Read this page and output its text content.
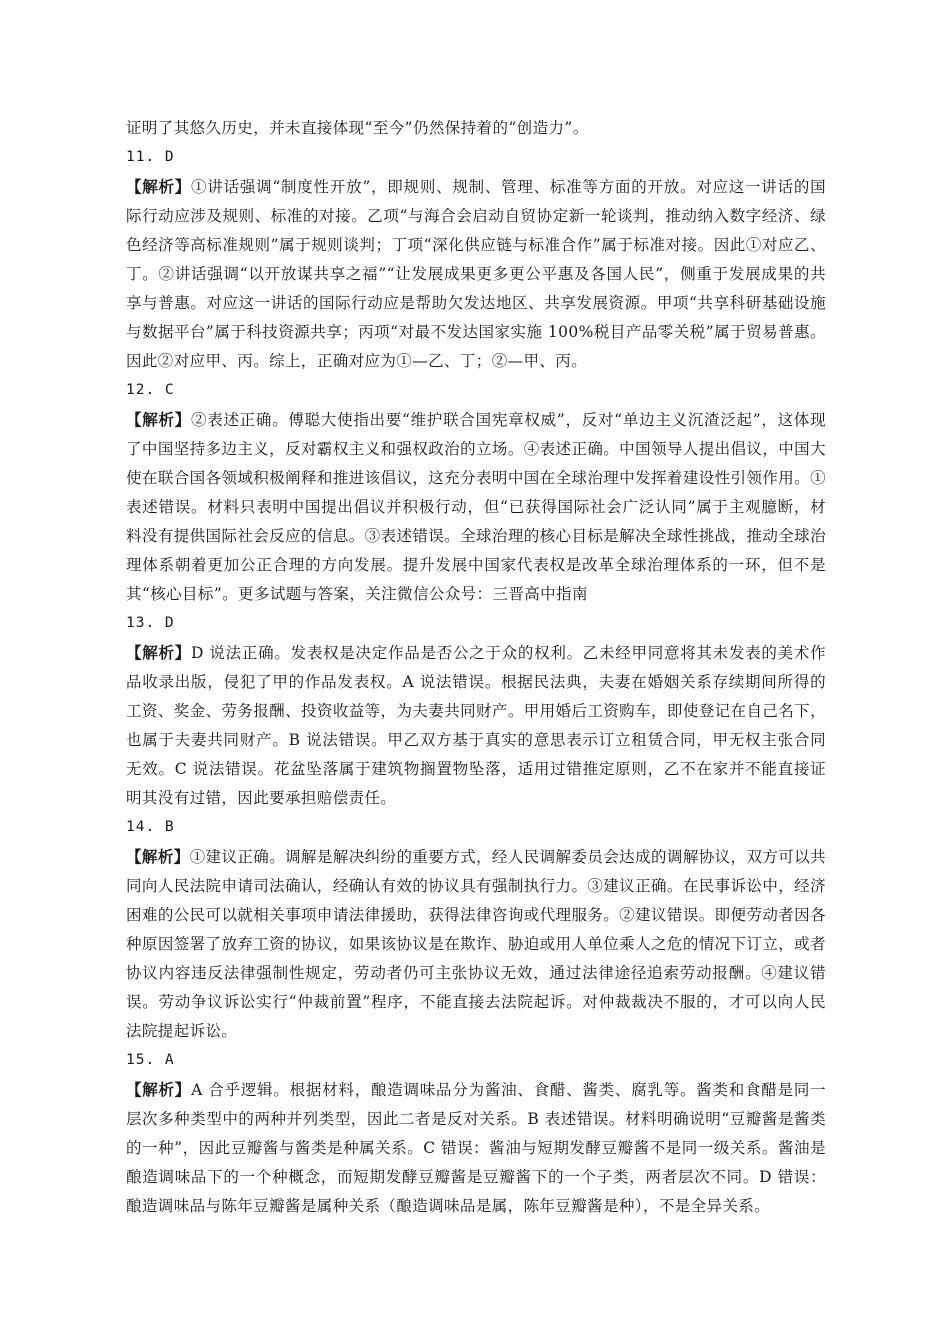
证明了其悠久历史，并未直接体现“至今”仍然保持着的“创造力”。

11. D

【解析】①讲话强调“制度性开放”，即规则、规制、管理、标准等方面的开放。对应这一讲话的国际行动应涉及规则、标准的对接。乙项“与海合会启动自贸协定新一轮谈判，推动纳入数字经济、绿色经济等高标准规则”属于规则谈判；丁项“深化供应链与标准合作”属于标准对接。因此①对应乙、丁。②讲话强调“以开放谋共享之福”“让发展成果更多更公平惠及各国人民”，侧重于发展成果的共享与普惠。对应这一讲话的国际行动应是帮助欠发达地区、共享发展资源。甲项“共享科研基础设施与数据平台”属于科技资源共享；丙项“对最不发达国家实施 100%税目产品零关税”属于贸易普惠。因此②对应甲、丙。综上，正确对应为①—乙、丁；②—甲、丙。

12. C

【解析】②表述正确。傅聪大使指出要“维护联合国宪章权威”，反对“单边主义沉渣泛起”，这体现了中国坚持多边主义，反对霸权主义和强权政治的立场。④表述正确。中国领导人提出倡议，中国大使在联合国各领域积极阐释和推进该倡议，这充分表明中国在全球治理中发挥着建设性引领作用。①表述错误。材料只表明中国提出倡议并积极行动，但“已获得国际社会广泛认同”属于主观臆断，材料没有提供国际社会反应的信息。③表述错误。全球治理的核心目标是解决全球性挑战，推动全球治理体系朝着更加公正合理的方向发展。提升发展中国家代表权是改革全球治理体系的一环，但不是其“核心目标”。更多试题与答案，关注微信公众号：三晋高中指南

13. D

【解析】D 说法正确。发表权是决定作品是否公之于众的权利。乙未经甲同意将其未发表的美术作品收录出版，侵犯了甲的作品发表权。A 说法错误。根据民法典，夫妻在婚姻关系存续期间所得的工资、奖金、劳务报酬、投资收益等，为夫妻共同财产。甲用婚后工资购车，即使登记在自己名下，也属于夫妻共同财产。B 说法错误。甲乙双方基于真实的意思表示订立租赁合同，甲无权主张合同无效。C 说法错误。花盆坠落属于建筑物搁置物坠落，适用过错推定原则，乙不在家并不能直接证明其没有过错，因此要承担赔偿责任。

14. B

【解析】①建议正确。调解是解决纠纷的重要方式，经人民调解委员会达成的调解协议，双方可以共同向人民法院申请司法确认，经确认有效的协议具有强制执行力。③建议正确。在民事诉讼中，经济困难的公民可以就相关事项申请法律援助，获得法律咨询或代理服务。②建议错误。即便劳动者因各种原因签署了放弃工资的协议，如果该协议是在欺诈、胁迫或用人单位乘人之危的情况下订立，或者协议内容违反法律强制性规定，劳动者仍可主张协议无效，通过法律途径追索劳动报酬。④建议错误。劳动争议诉讼实行“仲裁前置”程序，不能直接去法院起诉。对仲裁裁决不服的，才可以向人民法院提起诉讼。

15. A

【解析】A 合乎逻辑。根据材料，酿造调味品分为酱油、食醋、酱类、腐乳等。酱类和食醋是同一层次多种类型中的两种并列类型，因此二者是反对关系。B 表述错误。材料明确说明“豆瓣酱是酱类的一种”，因此豆瓣酱与酱类是种属关系。C 错误：酱油与短期发酵豆瓣酱不是同一级关系。酱油是酿造调味品下的一个种概念，而短期发酵豆瓣酱是豆瓣酱下的一个子类，两者层次不同。D 错误：酿造调味品与陈年豆瓣酱是属种关系（酿造调味品是属，陈年豆瓣酱是种），不是全异关系。
